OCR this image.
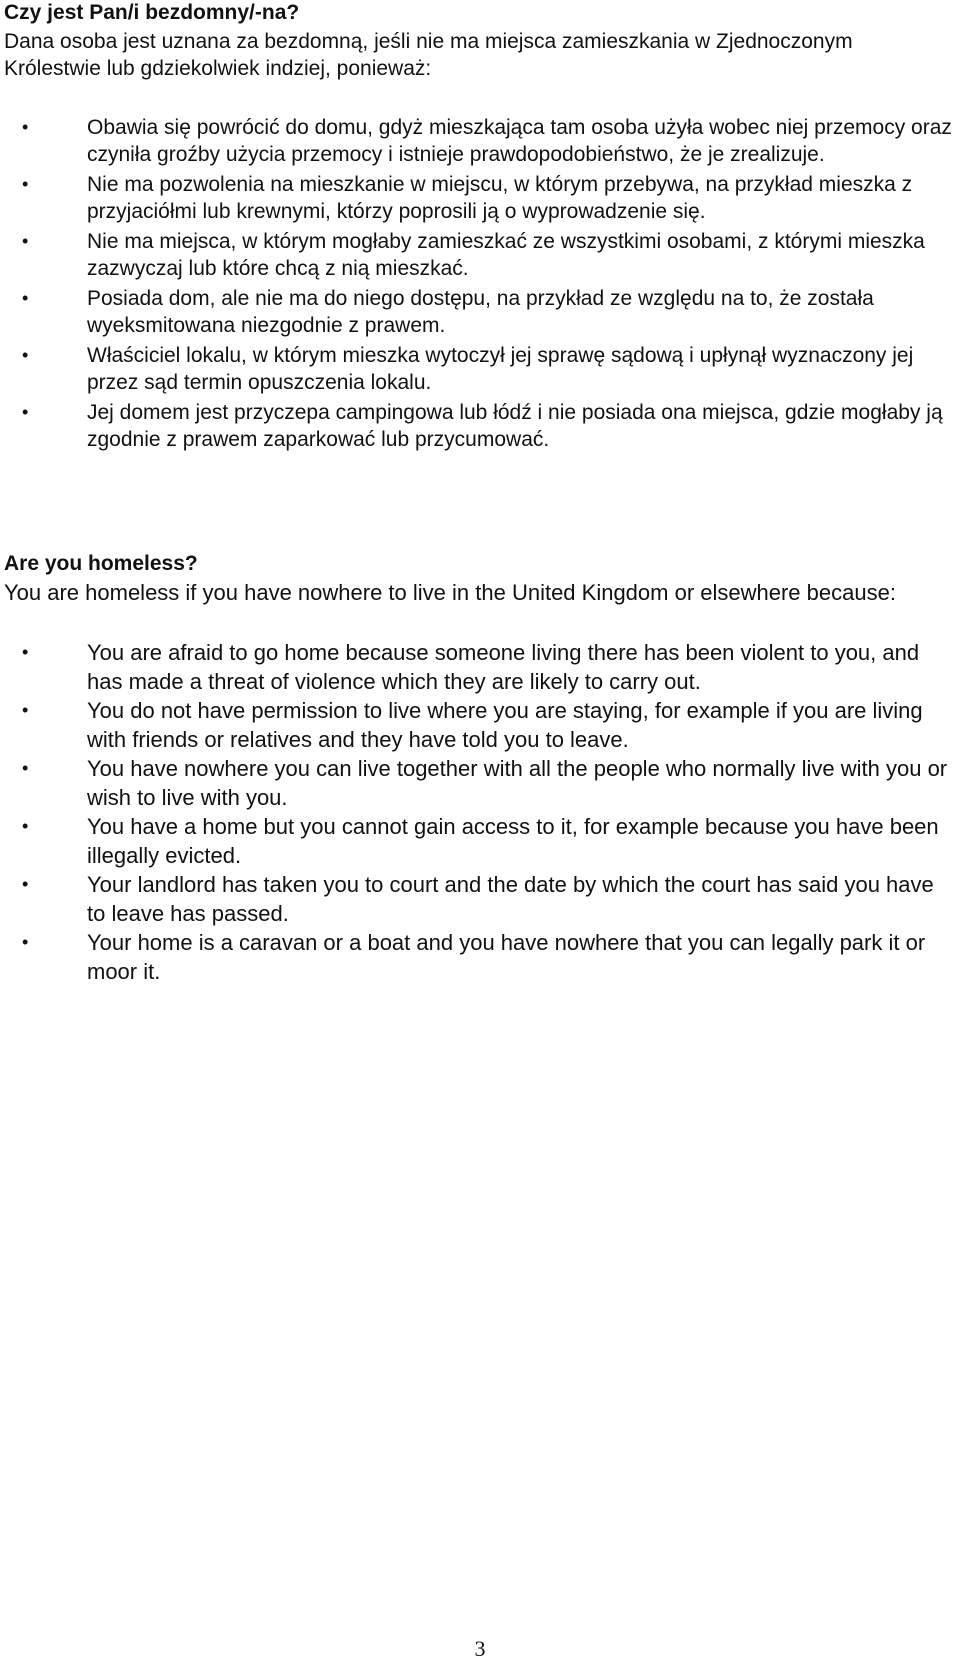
Czy jest Pan/i bezdomny/-na?

Dana osoba jest uznana za bezdomną, jeśli nie ma miejsca zamieszkania w Zjednoczonym Królestwie lub gdziekolwiek indziej, ponieważ:

•	Obawia się powrócić do domu, gdyż mieszkająca tam osoba użyła wobec niej przemocy oraz czyniła groźby użycia przemocy i istnieje prawdopodobieństwo, że je zrealizuje.
•	Nie ma pozwolenia na mieszkanie w miejscu, w którym przebywa, na przykład mieszka z przyjaciółmi lub krewnymi, którzy poprosili ją o wyprowadzenie się.
•	Nie ma miejsca, w którym mogłaby zamieszkać ze wszystkimi osobami, z którymi mieszka zazwyczaj lub które chcą z nią mieszkać.
•	Posiada dom, ale nie ma do niego dostępu, na przykład ze względu na to, że została wyeksmitowana niezgodnie z prawem.
•	Właściciel lokalu, w którym mieszka wytoczył jej sprawę sądową i upłynął wyznaczony jej przez sąd termin opuszczenia lokalu.
•	Jej domem jest przyczepa campingowa lub łódź i nie posiada ona miejsca, gdzie mogłaby ją zgodnie z prawem zaparkować lub przycumować.
Are you homeless?

You are homeless if you have nowhere to live in the United Kingdom or elsewhere because:

•	You are afraid to go home because someone living there has been violent to you, and has made a threat of violence which they are likely to carry out.
•	You do not have permission to live where you are staying, for example if you are living with friends or relatives and they have told you to leave.
•	You have nowhere you can live together with all the people who normally live with you or wish to live with you.
•	You have a home but you cannot gain access to it, for example because you have been illegally evicted.
•	Your landlord has taken you to court and the date by which the court has said you have to leave has passed.
•	Your home is a caravan or a boat and you have nowhere that you can legally park it or moor it.
3
